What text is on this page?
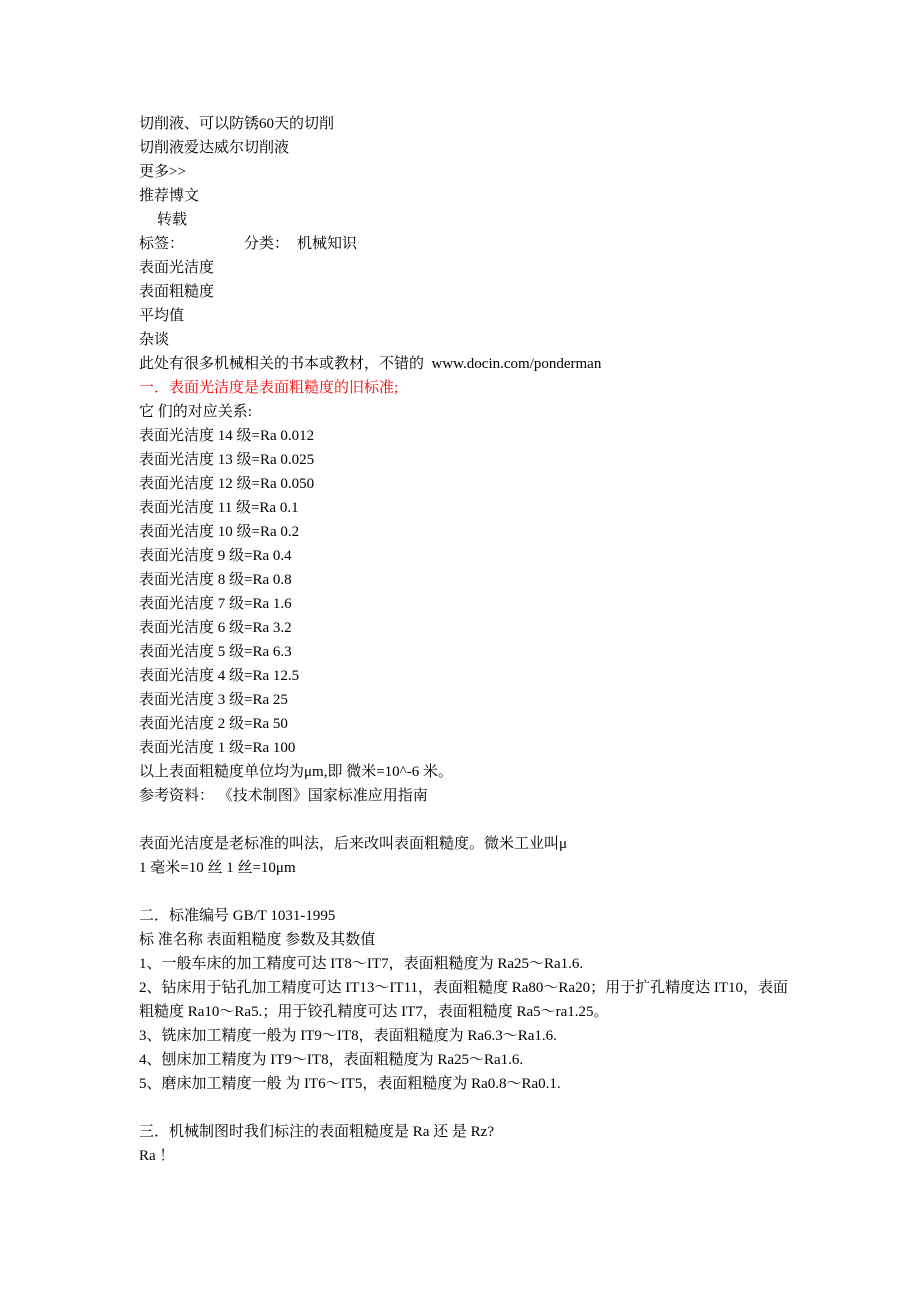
切削液、可以防锈60天的切削
切削液爱达威尔切削液
更多>>
推荐博文
转载
标签：	分类： 机械知识
表面光洁度
表面粗糙度
平均值
杂谈
此处有很多机械相关的书本或教材，不错的 www.docin.com/ponderman
一．表面光洁度是表面粗糙度的旧标准;
它 们的对应关系:
表面光洁度 14 级=Ra 0.012
表面光洁度 13 级=Ra 0.025
表面光洁度 12 级=Ra 0.050
表面光洁度 11 级=Ra 0.1
表面光洁度 10 级=Ra 0.2
表面光洁度 9 级=Ra 0.4
表面光洁度 8 级=Ra 0.8
表面光洁度 7 级=Ra 1.6
表面光洁度 6 级=Ra 3.2
表面光洁度 5 级=Ra 6.3
表面光洁度 4 级=Ra 12.5
表面光洁度 3 级=Ra 25
表面光洁度 2 级=Ra 50
表面光洁度 1 级=Ra 100
以上表面粗糙度单位均为μm,即 微米=10^-6 米。
参考资料： 《技术制图》国家标准应用指南
表面光洁度是老标准的叫法，后来改叫表面粗糙度。微米工业叫μ
1 毫米=10 丝 1 丝=10μm
二．标准编号 GB/T 1031-1995
标 准名称 表面粗糙度 参数及其数值
1、一般车床的加工精度可达 IT8～IT7，表面粗糙度为 Ra25～Ra1.6.
2、钻床用于钻孔加工精度可达 IT13～IT11，表面粗糙度 Ra80～Ra20；用于扩孔精度达 IT10，表面粗糙度 Ra10～Ra5.；用于铰孔精度可达 IT7，表面粗糙度 Ra5～ra1.25。
3、铣床加工精度一般为 IT9～IT8，表面粗糙度为 Ra6.3～Ra1.6.
4、刨床加工精度为 IT9～IT8，表面粗糙度为 Ra25～Ra1.6.
5、磨床加工精度一般 为 IT6～IT5，表面粗糙度为 Ra0.8～Ra0.1.
三．机械制图时我们标注的表面粗糙度是 Ra 还 是 Rz?
Ra ！
